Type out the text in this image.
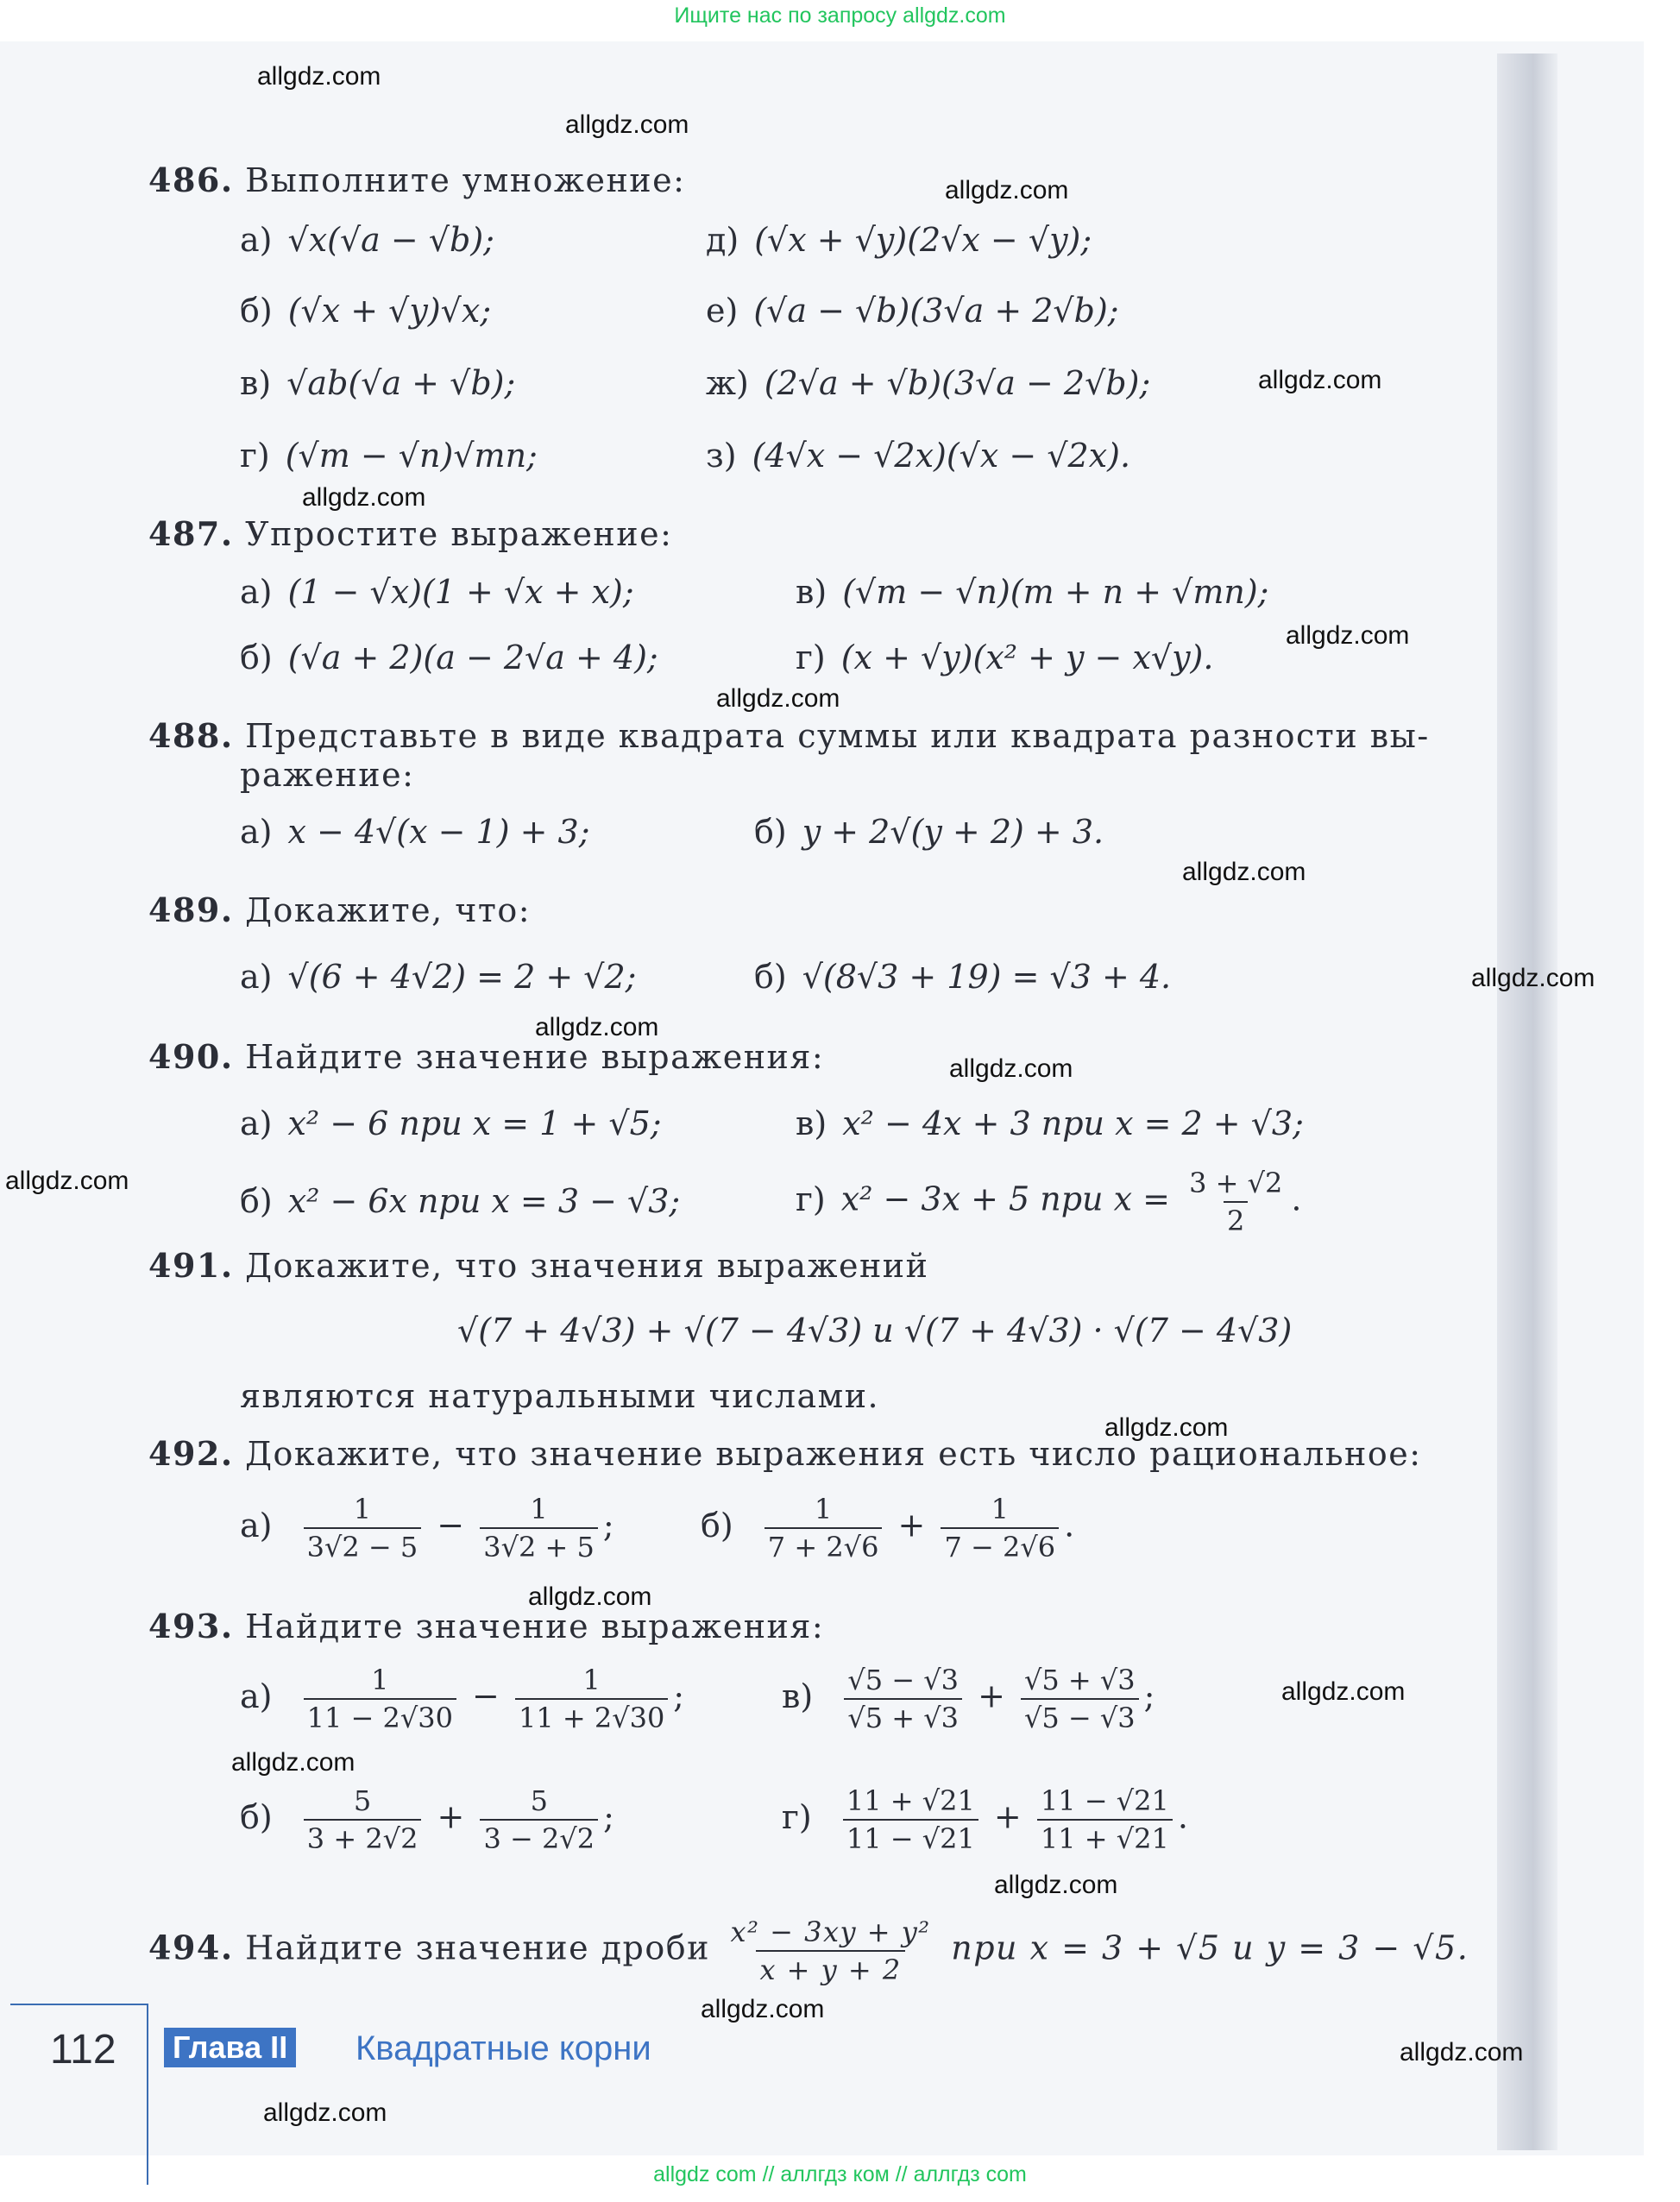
Ищите нас по запросу allgdz.com
allgdz.com
allgdz.com
allgdz.com
allgdz.com
allgdz.com
allgdz.com
allgdz.com
allgdz.com
allgdz.com
allgdz.com
allgdz.com
allgdz.com
allgdz.com
allgdz.com
allgdz.com
allgdz.com
allgdz.com
allgdz.com
allgdz.com
allgdz.com
486. Выполните умножение:
а) √x(√a − √b);
б) (√x + √y)√x;
в) √ab(√a + √b);
г) (√m − √n)√mn;
д) (√x + √y)(2√x − √y);
е) (√a − √b)(3√a + 2√b);
ж) (2√a + √b)(3√a − 2√b);
з) (4√x − √2x)(√x − √2x).
487. Упростите выражение:
а) (1 − √x)(1 + √x + x);
б) (√a + 2)(a − 2√a + 4);
в) (√m − √n)(m + n + √mn);
г) (x + √y)(x² + y − x√y).
488. Представьте в виде квадрата суммы или квадрата разности вы-
ражение:
а) x − 4√(x − 1) + 3;	б) y + 2√(y + 2) + 3.
489. Докажите, что:
а) √(6 + 4√2) = 2 + √2;	б) √(8√3 + 19) = √3 + 4.
490. Найдите значение выражения:
а) x² − 6 при x = 1 + √5;
б) x² − 6x при x = 3 − √3;
в) x² − 4x + 3 при x = 2 + √3;
г) x² − 3x + 5 при $x = \frac{3 + √2}{2}$ .
491. Докажите, что значения выражений
√(7 + 4√3) + √(7 − 4√3) и √(7 + 4√3) · √(7 − 4√3)
являются натуральными числами.
492. Докажите, что значение выражения есть число рациональное:
$а) \frac{1}{3√2 - 5} - \frac{1}{3√2 + 5}$ ;	$б) \frac{1}{7 + 2√6} + \frac{1}{7 - 2√6}$ .
493. Найдите значение выражения:
$а) \frac{1}{11 - 2√30} - \frac{1}{11 + 2√30}$ ;
$б) \frac{5}{3 + 2√2} + \frac{5}{3 - 2√2}$ ;
$в) \frac{√5 - √3}{√5 + √3} + \frac{√5 + √3}{√5 - √3}$ ;
$г) \frac{11 + √21}{11 - √21} + \frac{11 - √21}{11 + √21}$ .
494. Найдите значение дроби $\frac{\text{x² − 3xy + y²}}{x + y + 2}$ при x = 3 + √5 и y = 3 − √5.
112 Глава II Квадратные корни
allgdz com // аллгдз ком // аллгдз com
